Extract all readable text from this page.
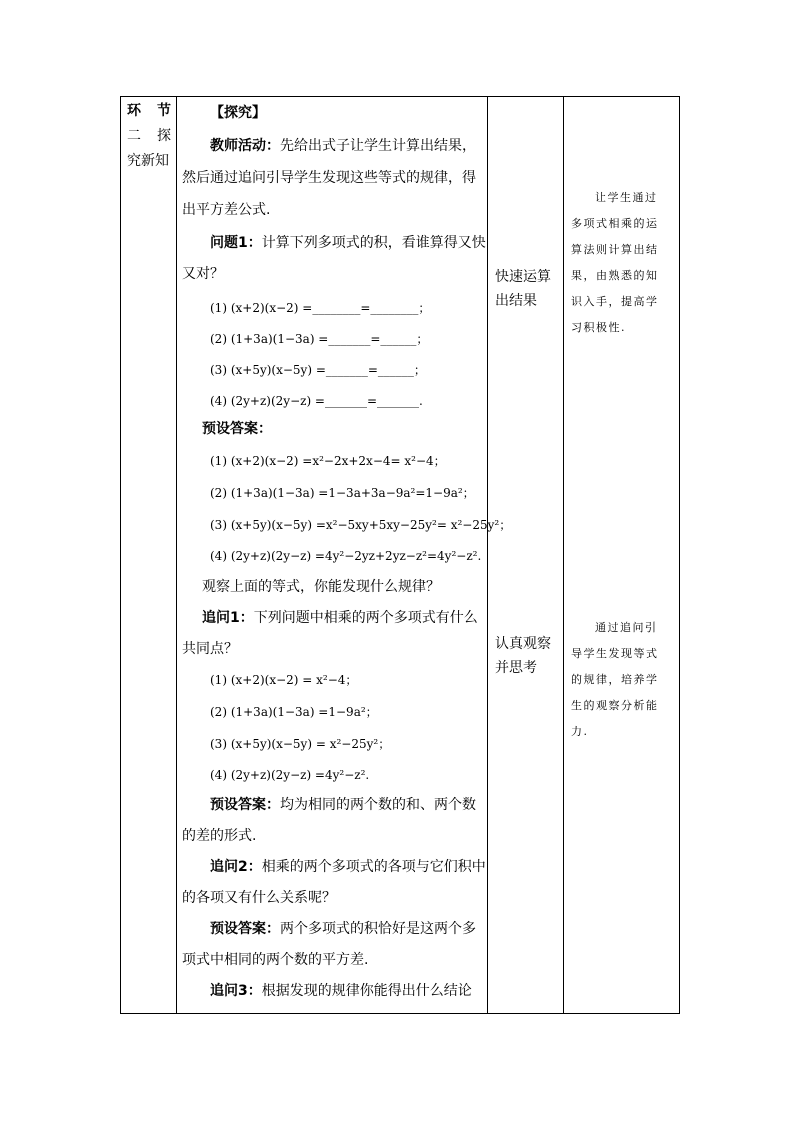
环 节
二 探
究新知
【探究】
教师活动：先给出式子让学生计算出结果，
然后通过追问引导学生发现这些等式的规律，得
出平方差公式.
问题1：计算下列多项式的积，看谁算得又快
又对？
(1) (x+2)(x−2) =________=________；
(2) (1+3a)(1−3a) =_______=______；
(3) (x+5y)(x−5y) =_______=______；
(4) (2y+z)(2y−z) =_______=_______.
预设答案：
(1) (x+2)(x−2) =x²−2x+2x−4= x²−4；
(2) (1+3a)(1−3a) =1−3a+3a−9a²=1−9a²；
(3) (x+5y)(x−5y) =x²−5xy+5xy−25y²= x²−25y²；
(4) (2y+z)(2y−z) =4y²−2yz+2yz−z²=4y²−z².
观察上面的等式，你能发现什么规律？
追问1：下列问题中相乘的两个多项式有什么
共同点？
(1) (x+2)(x−2) = x²−4；
(2) (1+3a)(1−3a) =1−9a²；
(3) (x+5y)(x−5y) = x²−25y²；
(4) (2y+z)(2y−z) =4y²−z².
预设答案：均为相同的两个数的和、两个数
的差的形式.
追问2：相乘的两个多项式的各项与它们积中
的各项又有什么关系呢？
预设答案：两个多项式的积恰好是这两个多
项式中相同的两个数的平方差.
追问3：根据发现的规律你能得出什么结论
快速运算
出结果
认真观察
并思考
让学生通过
多项式相乘的运
算法则计算出结
果，由熟悉的知
识入手，提高学
习积极性.
通过追问引
导学生发现等式
的规律，培养学
生的观察分析能
力.
